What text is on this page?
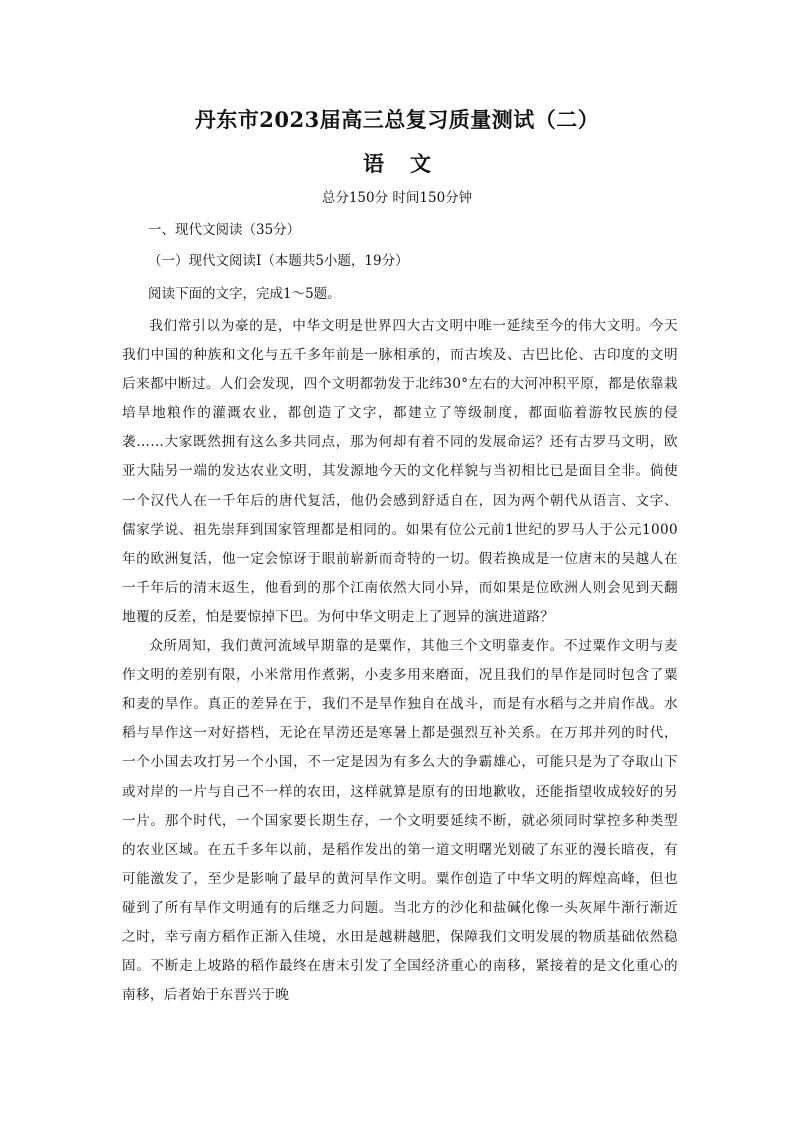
丹东市2023届高三总复习质量测试（二）
语 文
总分150分 时间150分钟
一、现代文阅读（35分）
（一）现代文阅读I（本题共5小题，19分）
阅读下面的文字，完成1～5题。

我们常引以为豪的是，中华文明是世界四大古文明中唯一延续至今的伟大文明。今天我们中国的种族和文化与五千多年前是一脉相承的，而古埃及、古巴比伦、古印度的文明后来都中断过。人们会发现，四个文明都勃发于北纬30°左右的大河冲积平原，都是依靠栽培旱地粮作的灌溉农业，都创造了文字，都建立了等级制度，都面临着游牧民族的侵袭……大家既然拥有这么多共同点，那为何却有着不同的发展命运？还有古罗马文明，欧亚大陆另一端的发达农业文明，其发源地今天的文化样貌与当初相比已是面目全非。倘使一个汉代人在一千年后的唐代复活，他仍会感到舒适自在，因为两个朝代从语言、文字、儒家学说、祖先崇拜到国家管理都是相同的。如果有位公元前1世纪的罗马人于公元1000年的欧洲复活，他一定会惊讶于眼前崭新而奇特的一切。假若换成是一位唐末的吴越人在一千年后的清末返生，他看到的那个江南依然大同小异，而如果是位欧洲人则会见到天翻地覆的反差，怕是要惊掉下巴。为何中华文明走上了迥异的演进道路？

众所周知，我们黄河流域早期靠的是粟作，其他三个文明靠麦作。不过粟作文明与麦作文明的差别有限，小米常用作煮粥，小麦多用来磨面，况且我们的旱作是同时包含了粟和麦的旱作。真正的差异在于，我们不是旱作独自在战斗，而是有水稻与之并肩作战。水稻与旱作这一对好搭档，无论在旱涝还是寒暑上都是强烈互补关系。在万邦并列的时代，一个小国去攻打另一个小国，不一定是因为有多么大的争霸雄心，可能只是为了夺取山下或对岸的一片与自己不一样的农田，这样就算是原有的田地歉收，还能指望收成较好的另一片。那个时代，一个国家要长期生存，一个文明要延续不断，就必须同时掌控多种类型的农业区域。在五千多年以前，是稻作发出的第一道文明曙光划破了东亚的漫长暗夜，有可能激发了，至少是影响了最早的黄河旱作文明。粟作创造了中华文明的辉煌高峰，但也碰到了所有旱作文明通有的后继乏力问题。当北方的沙化和盐碱化像一头灰犀牛渐行渐近之时，幸亏南方稻作正渐入佳境，水田是越耕越肥，保障我们文明发展的物质基础依然稳固。不断走上坡路的稻作最终在唐末引发了全国经济重心的南移，紧接着的是文化重心的南移，后者始于东晋兴于晚
